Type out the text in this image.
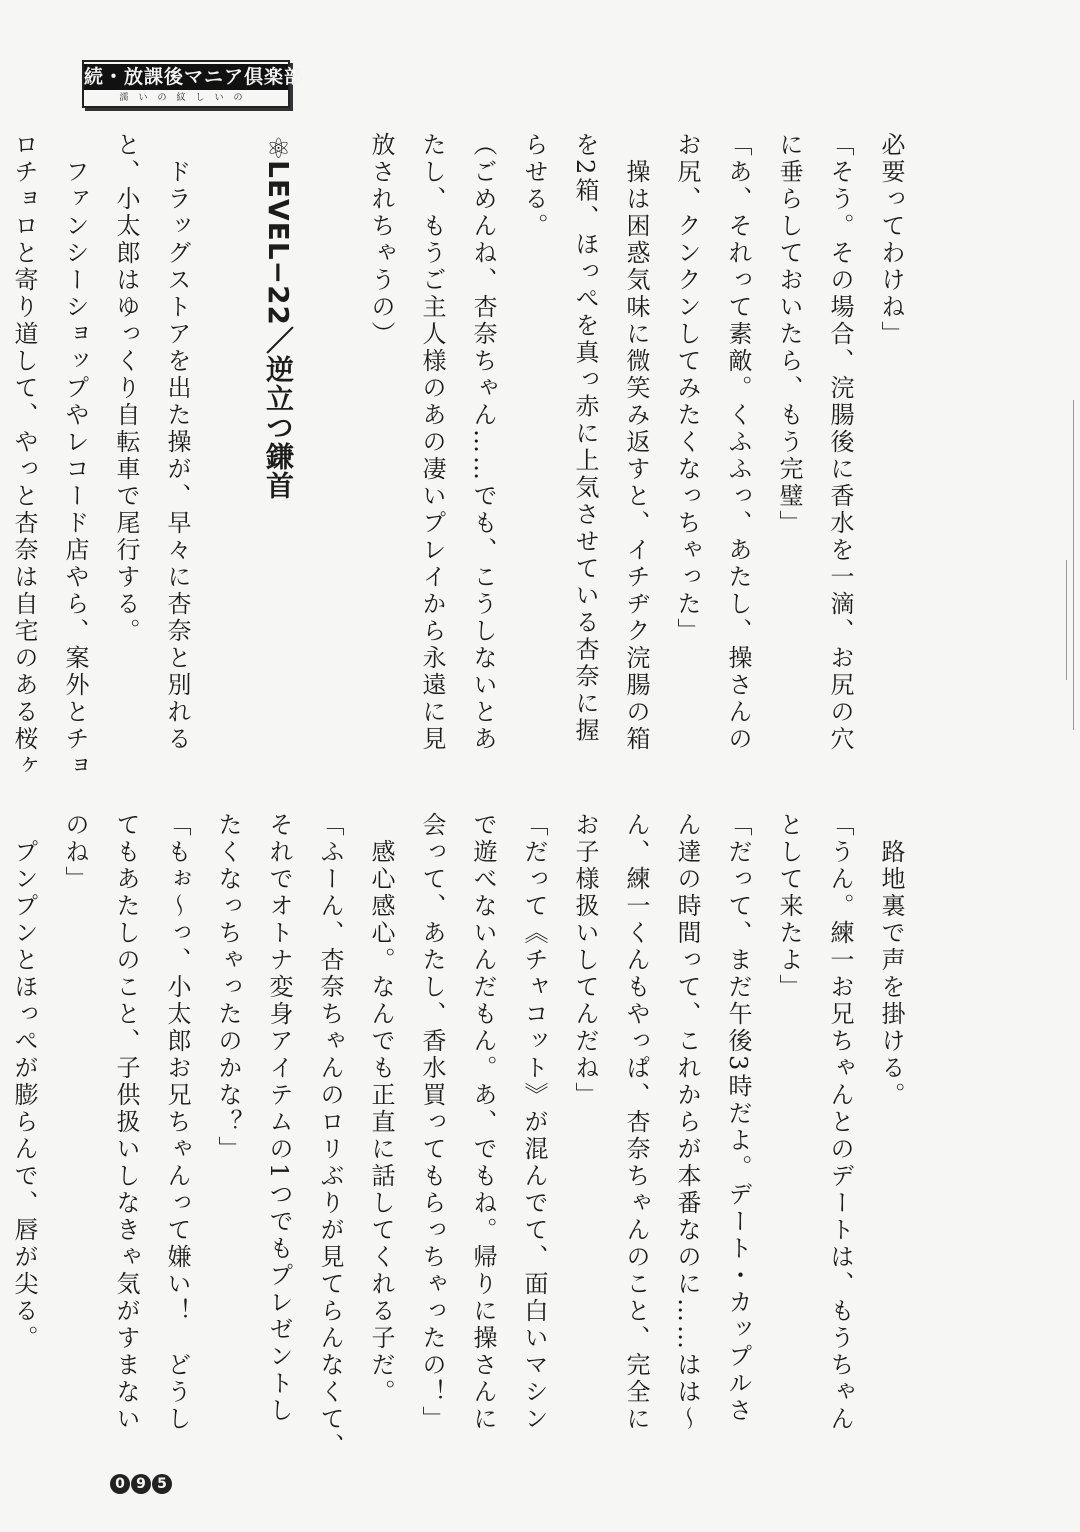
続・放課後マニア倶楽部
濡いの紋しいの
必要ってわけね」
「そう。その場合、浣腸後に香水を一滴、お尻の穴
に垂らしておいたら、もう完璧」
「あ、それって素敵。くふふっ、あたし、操さんの
お尻、クンクンしてみたくなっちゃった」
　操は困惑気味に微笑み返すと、イチヂク浣腸の箱
を2箱、ほっぺを真っ赤に上気させている杏奈に握
らせる。
（ごめんね、杏奈ちゃん……でも、こうしないとあ
たし、もうご主人様のあの凄いプレイから永遠に見
放されちゃうの）

⚛LEVEL−22／逆立つ鎌首

　ドラッグストアを出た操が、早々に杏奈と別れる
と、小太郎はゆっくり自転車で尾行する。
　ファンシーショップやレコード店やら、案外とチョ
ロチョロと寄り道して、やっと杏奈は自宅のある桜ヶ
　路地裏で声を掛ける。
「うん。練一お兄ちゃんとのデートは、もうちゃん
として来たよ」
「だって、まだ午後3時だよ。デート・カップルさ
ん達の時間って、これからが本番なのに……はは～
ん、練一くんもやっぱ、杏奈ちゃんのこと、完全に
お子様扱いしてんだね」
「だって《チャコット》が混んでて、面白いマシン
で遊べないんだもん。あ、でもね。帰りに操さんに
会って、あたし、香水買ってもらっちゃったの！」
　感心感心。なんでも正直に話してくれる子だ。
「ふーん、杏奈ちゃんのロリぶりが見てらんなくて、
それでオトナ変身アイテムの1つでもプレゼントし
たくなっちゃったのかな？」
「もぉ～っ、小太郎お兄ちゃんって嫌い！　どうし
てもあたしのこと、子供扱いしなきゃ気がすまない
のね」
　プンプンとほっぺが膨らんで、唇が尖る。
0 9 5
